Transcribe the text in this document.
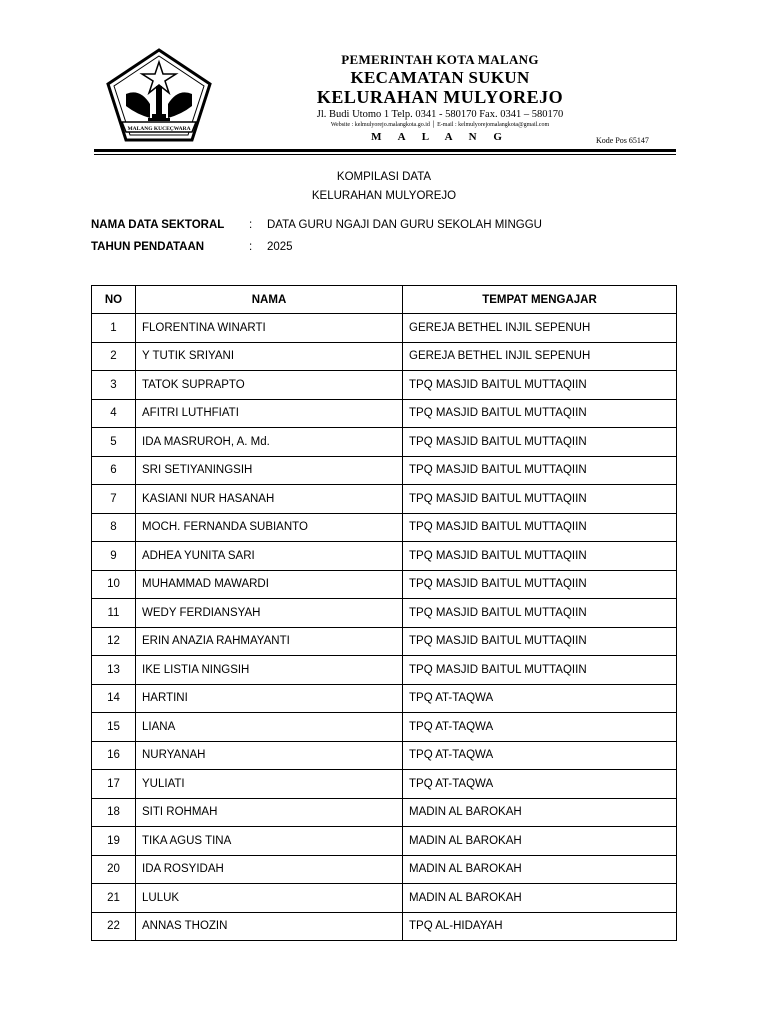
MALANG KUCEÇWARA
PEMERINTAH KOTA MALANG
KECAMATAN SUKUN
KELURAHAN MULYOREJO
Jl. Budi Utomo 1 Telp. 0341 - 580170 Fax. 0341 – 580170
Website : kelmulyorejo.malangkota.go.id │ E-mail : kelmulyorejomalangkota@gmail.com
M A L A N G	Kode Pos 65147
KOMPILASI DATA
KELURAHAN MULYOREJO
NAMA DATA SEKTORAL	:	DATA GURU NGAJI DAN GURU SEKOLAH MINGGU
TAHUN PENDATAAN	:	2025
NO	NAMA	TEMPAT MENGAJAR
1	FLORENTINA WINARTI	GEREJA BETHEL INJIL SEPENUH
2	Y TUTIK SRIYANI	GEREJA BETHEL INJIL SEPENUH
3	TATOK SUPRAPTO	TPQ MASJID BAITUL MUTTAQIIN
4	AFITRI LUTHFIATI	TPQ MASJID BAITUL MUTTAQIIN
5	IDA MASRUROH, A. Md.	TPQ MASJID BAITUL MUTTAQIIN
6	SRI SETIYANINGSIH	TPQ MASJID BAITUL MUTTAQIIN
7	KASIANI NUR HASANAH	TPQ MASJID BAITUL MUTTAQIIN
8	MOCH. FERNANDA SUBIANTO	TPQ MASJID BAITUL MUTTAQIIN
9	ADHEA YUNITA SARI	TPQ MASJID BAITUL MUTTAQIIN
10	MUHAMMAD MAWARDI	TPQ MASJID BAITUL MUTTAQIIN
11	WEDY FERDIANSYAH	TPQ MASJID BAITUL MUTTAQIIN
12	ERIN ANAZIA RAHMAYANTI	TPQ MASJID BAITUL MUTTAQIIN
13	IKE LISTIA NINGSIH	TPQ MASJID BAITUL MUTTAQIIN
14	HARTINI	TPQ AT-TAQWA
15	LIANA	TPQ AT-TAQWA
16	NURYANAH	TPQ AT-TAQWA
17	YULIATI	TPQ AT-TAQWA
18	SITI ROHMAH	MADIN AL BAROKAH
19	TIKA AGUS TINA	MADIN AL BAROKAH
20	IDA ROSYIDAH	MADIN AL BAROKAH
21	LULUK	MADIN AL BAROKAH
22	ANNAS THOZIN	TPQ AL-HIDAYAH
